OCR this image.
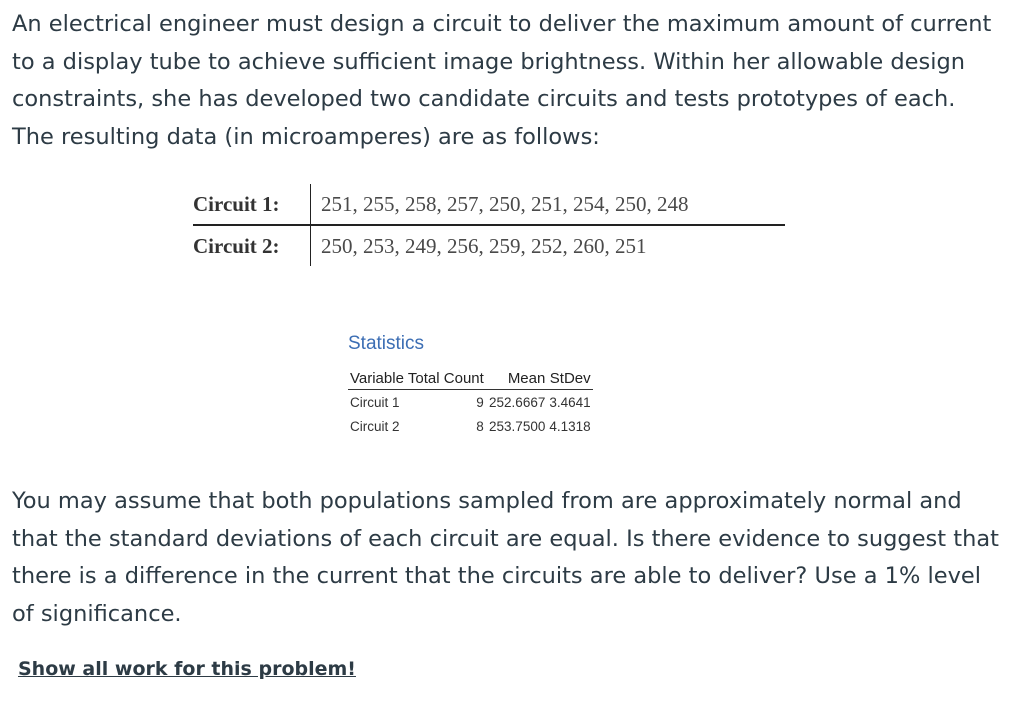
An electrical engineer must design a circuit to deliver the maximum amount of current to a display tube to achieve sufficient image brightness. Within her allowable design constraints, she has developed two candidate circuits and tests prototypes of each. The resulting data (in microamperes) are as follows:

Circuit 1:	251, 255, 258, 257, 250, 251, 254, 250, 248
Circuit 2:	250, 253, 249, 256, 259, 252, 260, 251
Statistics
Variable	Total Count	Mean	StDev
Circuit 1	9	252.6667	3.4641
Circuit 2	8	253.7500	4.1318

You may assume that both populations sampled from are approximately normal and that the standard deviations of each circuit are equal. Is there evidence to suggest that there is a difference in the current that the circuits are able to deliver? Use a 1% level of significance.

Show all work for this problem!
